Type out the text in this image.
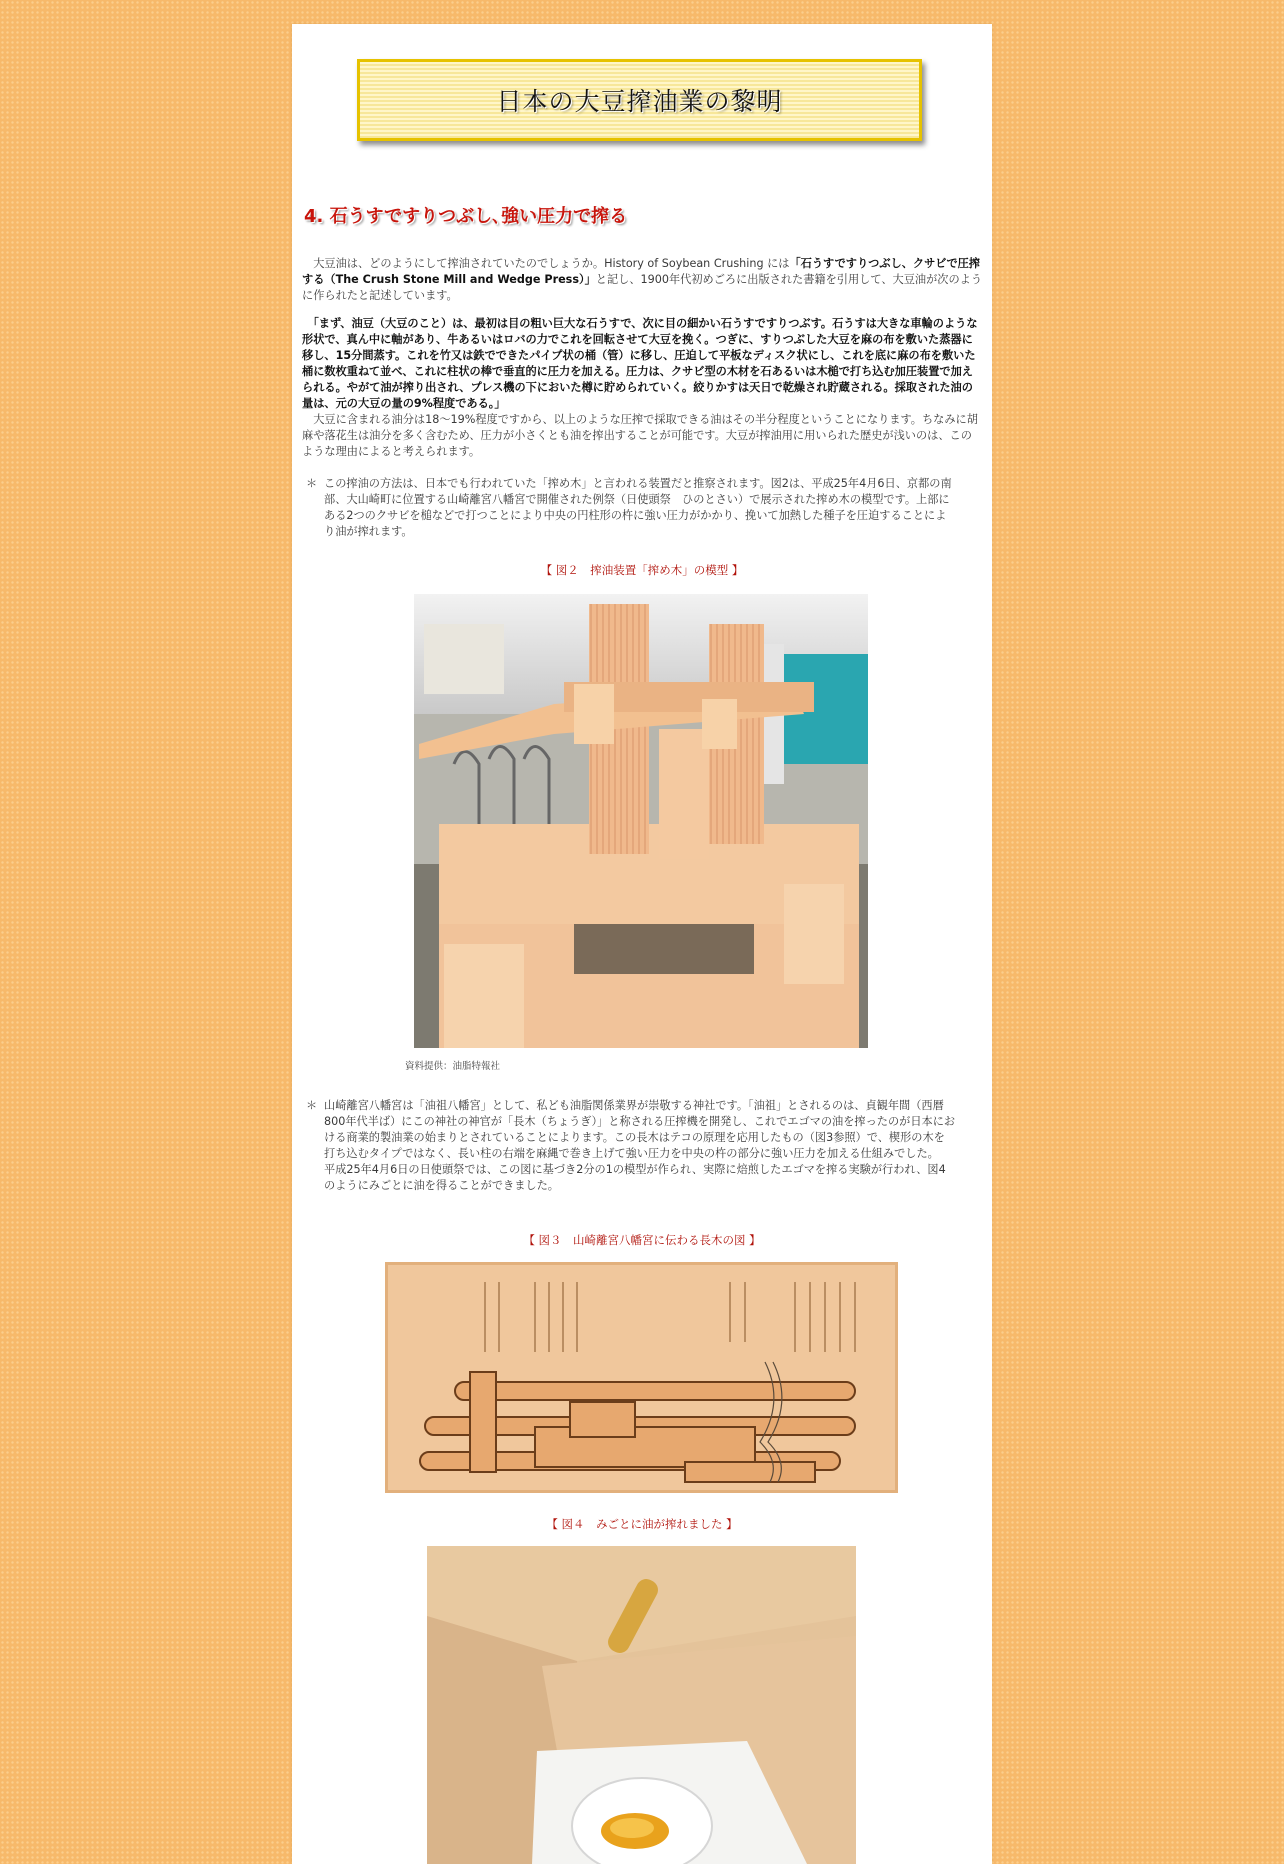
日本の大豆搾油業の黎明
4. 石うすですりつぶし､強い圧力で搾る

　大豆油は、どのようにして搾油されていたのでしょうか。History of Soybean Crushing には「石うすですりつぶし、クサビで圧搾する（The Crush Stone Mill and Wedge Press）」と記し、1900年代初めごろに出版された書籍を引用して、大豆油が次のように作られたと記述しています。

　「まず、油豆（大豆のこと）は、最初は目の粗い巨大な石うすで、次に目の細かい石うすですりつぶす。石うすは大きな車輪のような形状で、真ん中に軸があり、牛あるいはロバの力でこれを回転させて大豆を挽く。つぎに、すりつぶした大豆を麻の布を敷いた蒸器に移し、15分間蒸す。これを竹又は鉄でできたパイプ状の桶（管）に移し、圧迫して平板なディスク状にし、これを底に麻の布を敷いた桶に数枚重ねて並べ、これに柱状の棒で垂直的に圧力を加える。圧力は、クサビ型の木材を石あるいは木槌で打ち込む加圧装置で加えられる。やがて油が搾り出され、プレス機の下においた樽に貯められていく。絞りかすは天日で乾燥され貯蔵される。採取された油の量は、元の大豆の量の9%程度である。」

　大豆に含まれる油分は18〜19%程度ですから、以上のような圧搾で採取できる油はその半分程度ということになります。ちなみに胡麻や落花生は油分を多く含むため、圧力が小さくとも油を搾出することが可能です。大豆が搾油用に用いられた歴史が浅いのは、このような理由によると考えられます。

＊ この搾油の方法は、日本でも行われていた「搾め木」と言われる装置だと推察されます。図2は、平成25年4月6日、京都の南部、大山崎町に位置する山崎離宮八幡宮で開催された例祭（日使頭祭　ひのとさい）で展示された搾め木の模型です。上部にある2つのクサビを槌などで打つことにより中央の円柱形の杵に強い圧力がかかり、挽いて加熱した種子を圧迫することにより油が搾れます。
【 図２　搾油装置「搾め木」の模型 】
資料提供：油脂特報社
＊ 山崎離宮八幡宮は「油祖八幡宮」として、私ども油脂関係業界が崇敬する神社です。「油祖」とされるのは、貞観年間（西暦800年代半ば）にこの神社の神官が「長木（ちょうぎ）」と称される圧搾機を開発し、これでエゴマの油を搾ったのが日本における商業的製油業の始まりとされていることによります。この長木はテコの原理を応用したもの（図3参照）で、楔形の木を打ち込むタイプではなく、長い柱の右端を麻縄で巻き上げて強い圧力を中央の杵の部分に強い圧力を加える仕組みでした。
平成25年4月6日の日使頭祭では、この図に基づき2分の1の模型が作られ、実際に焙煎したエゴマを搾る実験が行われ、図4のようにみごとに油を得ることができました。
【 図３　山崎離宮八幡宮に伝わる長木の図 】
【 図４　みごとに油が搾れました 】
